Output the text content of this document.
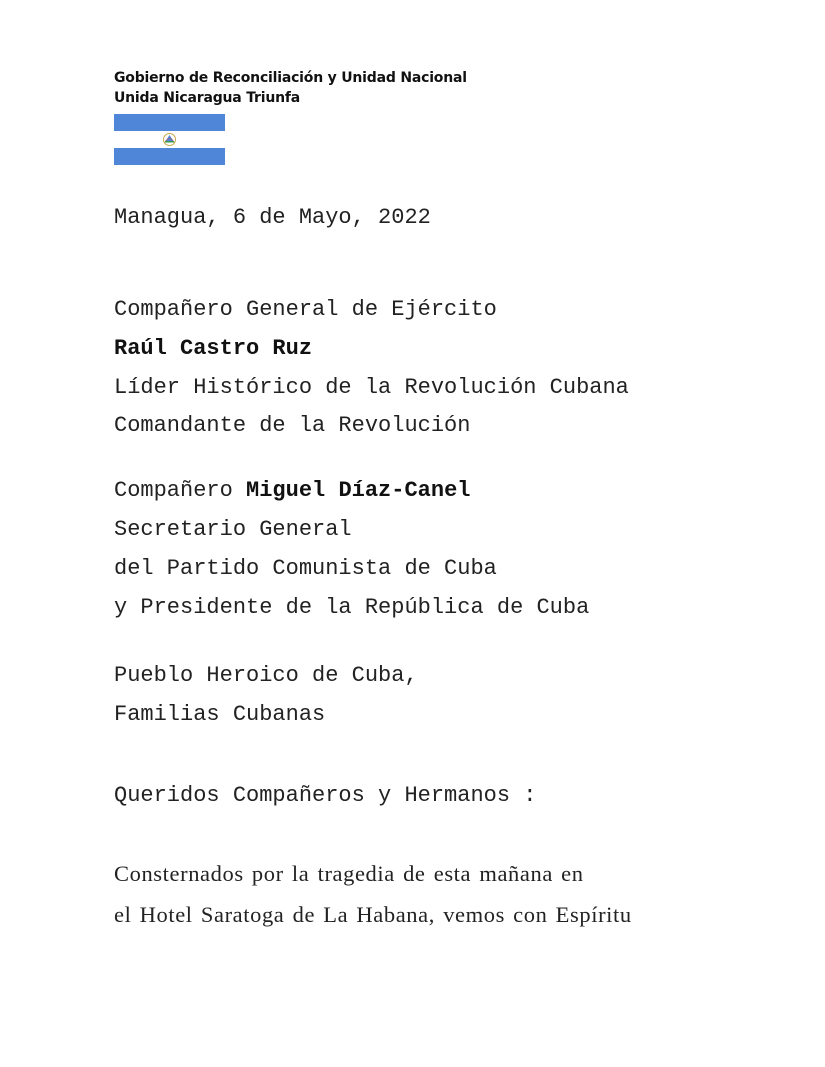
Gobierno de Reconciliación y Unidad Nacional
Unida Nicaragua Triunfa

Managua, 6 de Mayo, 2022

Compañero General de Ejército

Raúl Castro Ruz

Líder Histórico de la Revolución Cubana

Comandante de la Revolución

Compañero Miguel Díaz-Canel

Secretario General

del Partido Comunista de Cuba

y Presidente de la República de Cuba

Pueblo Heroico de Cuba,

Familias Cubanas

Queridos Compañeros y Hermanos :

Consternados por la tragedia de esta mañana en

el Hotel Saratoga de La Habana, vemos con Espíritu
